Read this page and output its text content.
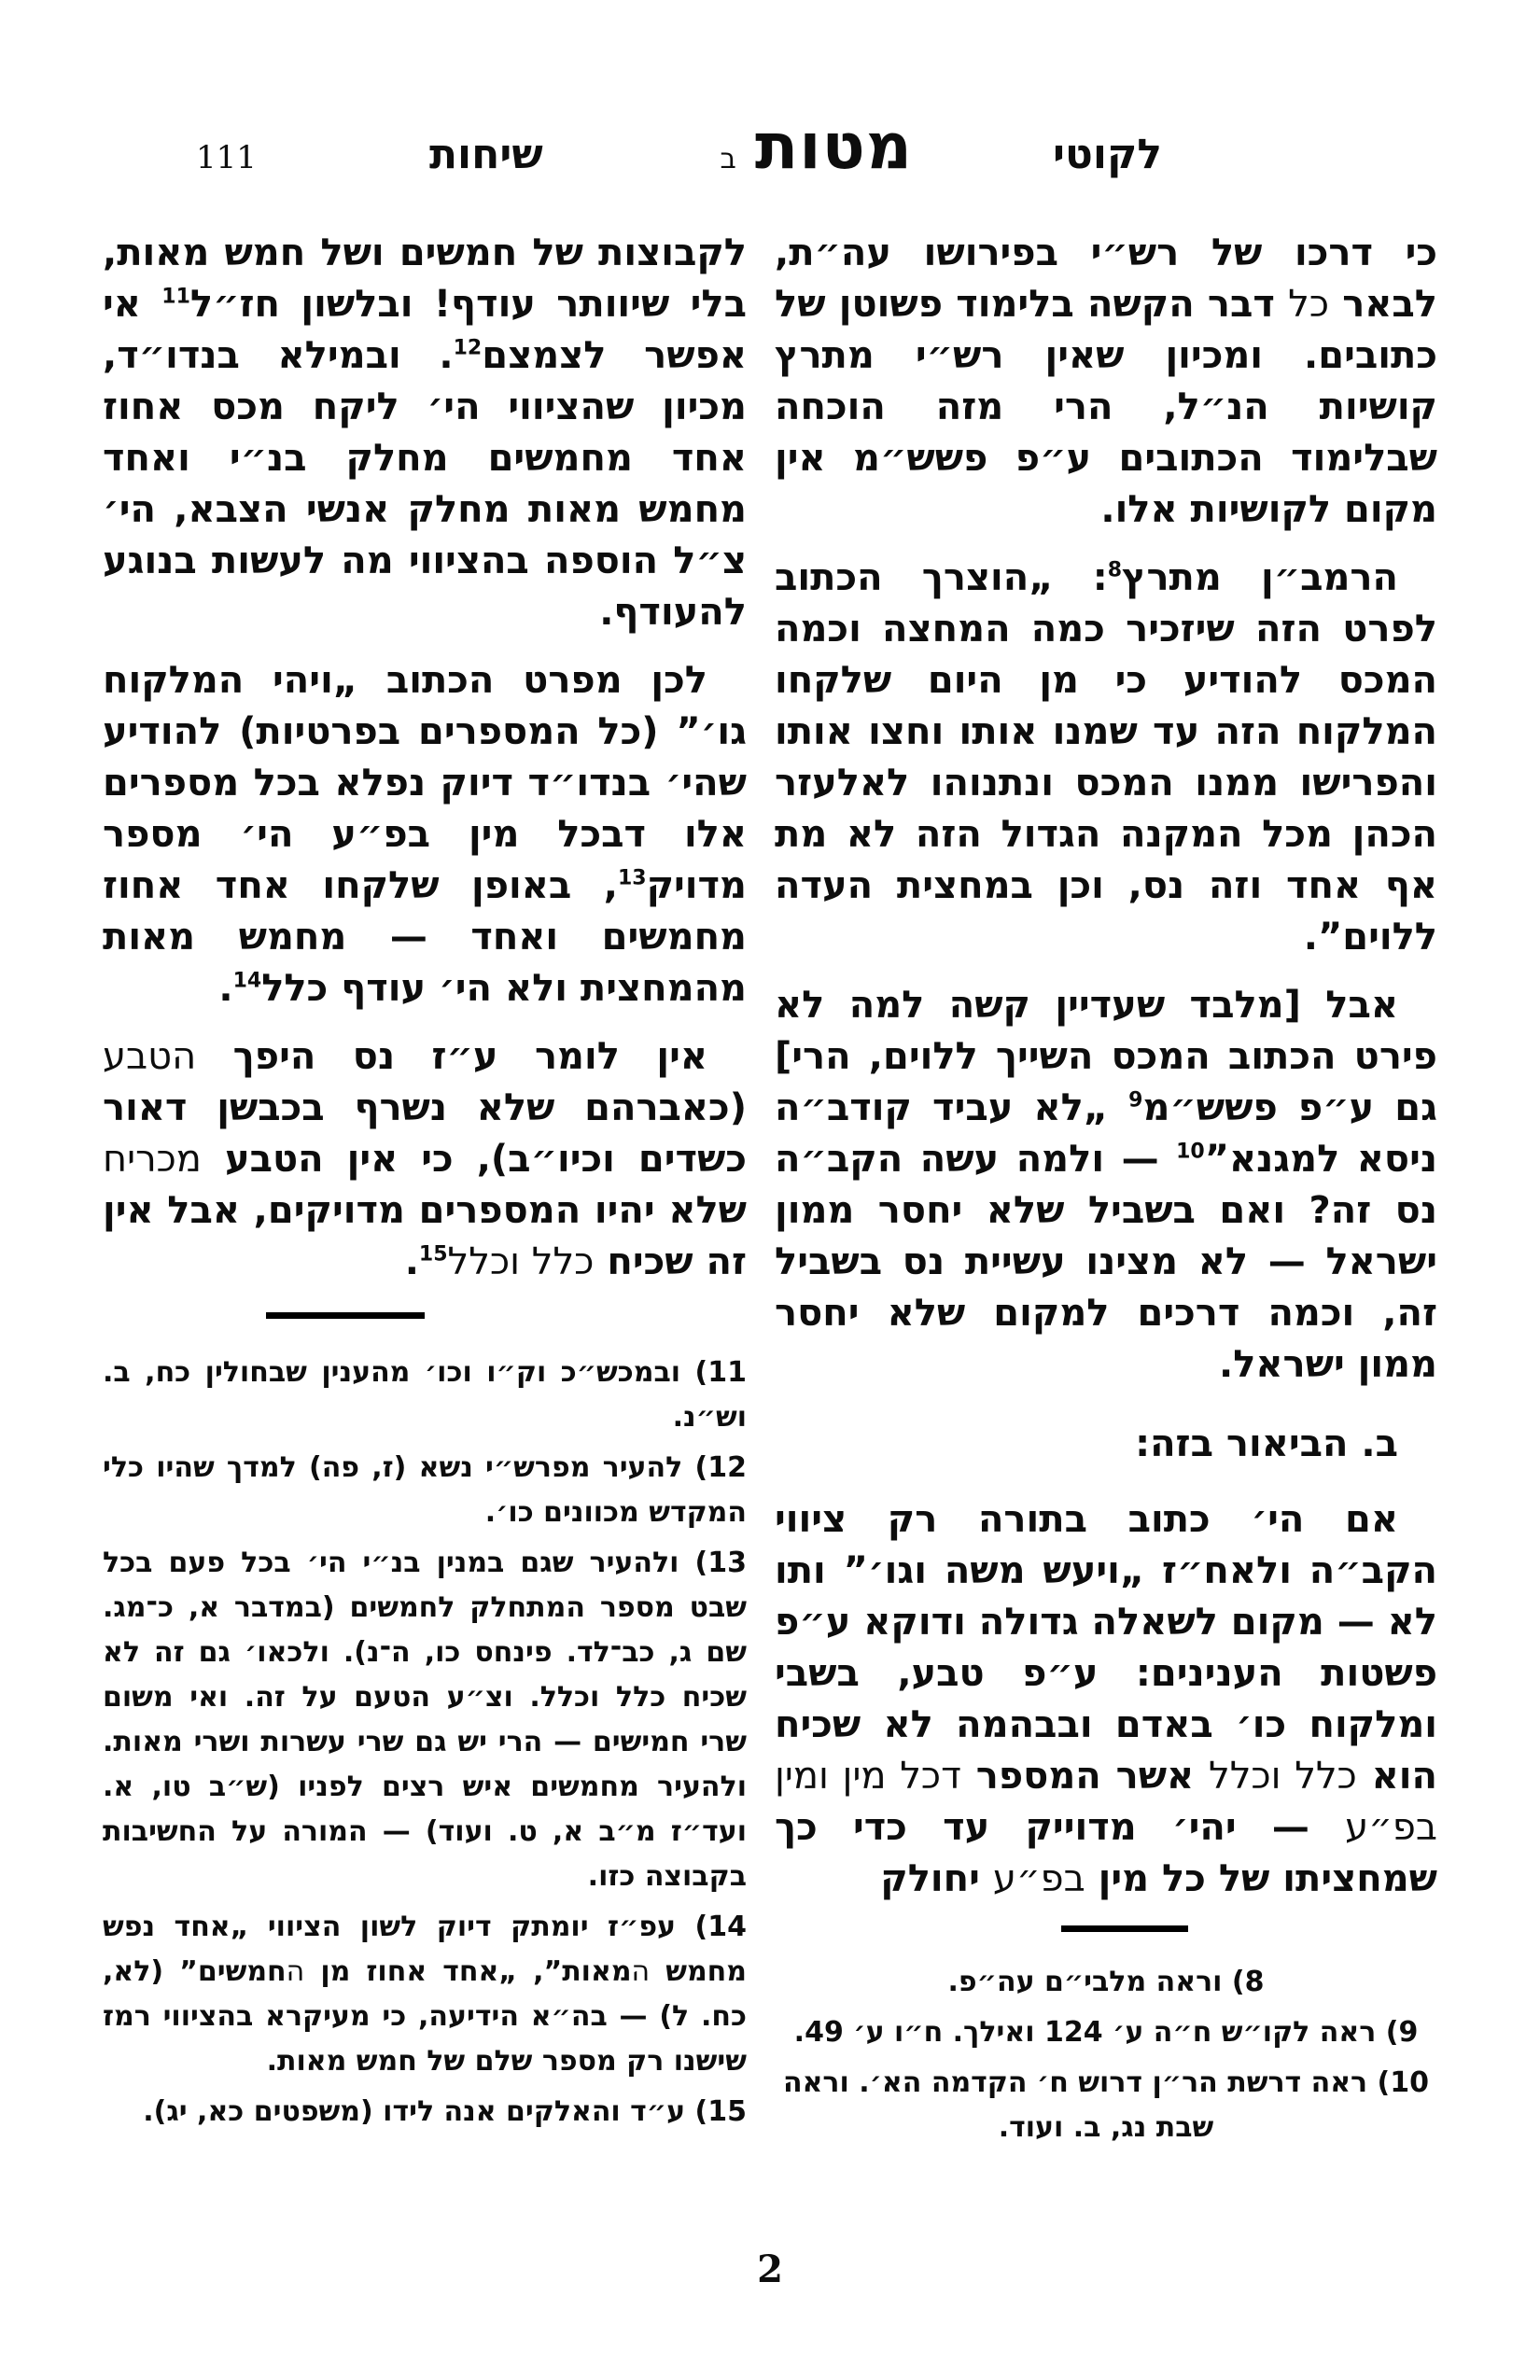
לקוטי
מטות
ב
שיחות
111

כי דרכו של רש״י בפירושו עה״ת, לבאר כל דבר הקשה בלימוד פשוטן של כתובים. ומכיון שאין רש״י מתרץ קושיות הנ״ל, הרי מזה הוכחה שבלימוד הכתובים ע״פ פשש״מ אין מקום לקושיות אלו.

הרמב״ן מתרץ$^8$: „הוצרך הכתוב לפרט הזה שיזכיר כמה המחצה וכמה המכס להודיע כי מן היום שלקחו המלקוח הזה עד שמנו אותו וחצו אותו והפרישו ממנו המכס ונתנוהו לאלעזר הכהן מכל המקנה הגדול הזה לא מת אף אחד וזה נס, וכן במחצית העדה ללוים”.

אבל [מלבד שעדיין קשה למה לא פירט הכתוב המכס השייך ללוים, הרי] גם ע״פ פשש״מ$^9$ „לא עביד קודב״ה ניסא למגנא”$^{10}$ — ולמה עשה הקב״ה נס זה? ואם בשביל שלא יחסר ממון ישראל — לא מצינו עשיית נס בשביל זה, וכמה דרכים למקום שלא יחסר ממון ישראל.

ב. הביאור בזה:

אם הי׳ כתוב בתורה רק ציווי הקב״ה ולאח״ז „ויעש משה וגו׳” ותו לא — מקום לשאלה גדולה ודוקא ע״פ פשטות הענינים: ע״פ טבע, בשבי ומלקוח כו׳ באדם ובבהמה לא שכיח הוא כלל וכלל אשר המספר דכל מין ומין בפ״ע — יהי׳ מדוייק עד כדי כך שמחציתו של כל מין בפ״ע יחולק

8) וראה מלבי״ם עה״פ.

9) ראה לקו״ש ח״ה ע׳ 124 ואילך. ח״ו ע׳ 49.

10) ראה דרשת הר״ן דרוש ח׳ הקדמה הא׳. וראה שבת נג, ב. ועוד.

לקבוצות של חמשים ושל חמש מאות, בלי שיוותר עודף! ובלשון חז״ל$^{11}$ אי אפשר לצמצם$^{12}$. ובמילא בנדו״ד, מכיון שהציווי הי׳ ליקח מכס אחוז אחד מחמשים מחלק בנ״י ואחד מחמש מאות מחלק אנשי הצבא, הי׳ צ״ל הוספה בהציווי מה לעשות בנוגע להעודף.

לכן מפרט הכתוב „ויהי המלקוח גו׳” (כל המספרים בפרטיות) להודיע שהי׳ בנדו״ד דיוק נפלא בכל מספרים אלו דבכל מין בפ״ע הי׳ מספר מדויק$^{13}$, באופן שלקחו אחד אחוז מחמשים ואחד — מחמש מאות מהמחצית ולא הי׳ עודף כלל$^{14}$.

אין לומר ע״ז נס היפך הטבע (כאברהם שלא נשרף בכבשן דאור כשדים וכיו״ב), כי אין הטבע מכריח שלא יהיו המספרים מדויקים, אבל אין זה שכיח כלל וכלל$^{15}$.

11) ובמכש״כ וק״ו וכו׳ מהענין שבחולין כח, ב. וש״נ.

12) להעיר מפרש״י נשא (ז, פה) למדך שהיו כלי המקדש מכוונים כו׳.

13) ולהעיר שגם במנין בנ״י הי׳ בכל פעם בכל שבט מספר המתחלק לחמשים (במדבר א, כ־מג. שם ג, כב־לד. פינחס כו, ה־נ). ולכאו׳ גם זה לא שכיח כלל וכלל. וצ״ע הטעם על זה. ואי משום שרי חמישים — הרי יש גם שרי עשרות ושרי מאות. ולהעיר מחמשים איש רצים לפניו (ש״ב טו, א. ועד״ז מ״ב א, ט. ועוד) — המורה על החשיבות בקבוצה כזו.

14) עפ״ז יומתק דיוק לשון הציווי „אחד נפש מחמש המאות”, „אחד אחוז מן החמשים” (לא, כח. ל) — בה״א הידיעה, כי מעיקרא בהציווי רמז שישנו רק מספר שלם של חמש מאות.

15) ע״ד והאלקים אנה לידו (משפטים כא, יג).

2
